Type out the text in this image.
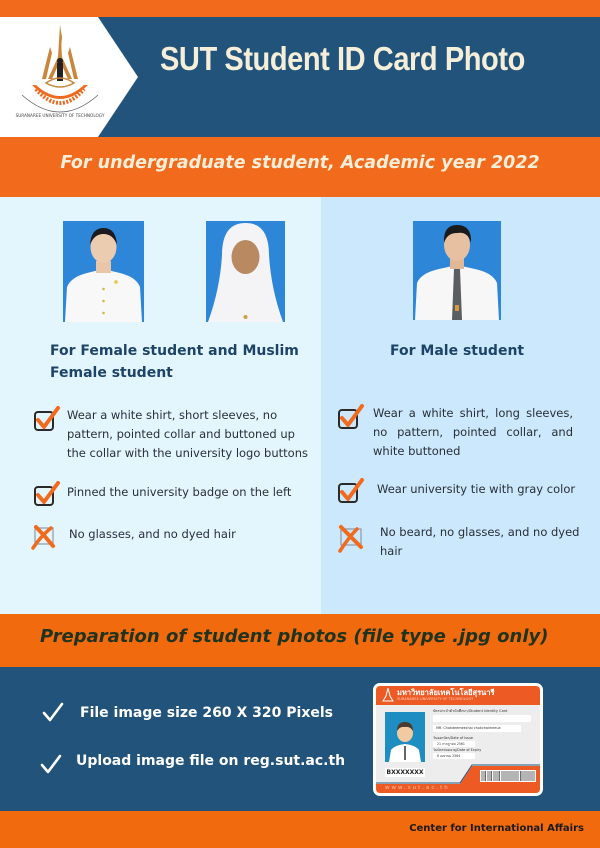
SURANAREE UNIVERSITY OF TECHNOLOGY
SUT Student ID Card Photo
For undergraduate student, Academic year 2022
For Female student and Muslim Female student
Wear a white shirt, short sleeves, no pattern, pointed collar and buttoned up the collar with the university logo buttons
Pinned the university badge on the left
No glasses, and no dyed hair
For Male student
Wear a white shirt, long sleeves, no pattern, pointed collar, and white buttoned
Wear university tie with gray color
No beard, no glasses, and no dyed hair
Preparation of student photos (file type .jpg only)
File image size 260 X 320 Pixels
Upload image file on reg.sut.ac.th
มหาวิทยาลัยเทคโนโลยีสุรนารี
SURANAREE UNIVERSITY OF TECHNOLOGY
BXXXXXXX
บัตรประจำตัวนักศึกษา/Student Identity Card
MR. Chokdeemeechai chokchaimeeua
วันออกบัตร/Date of Issue
21 กรกฎาคม 2561
วันบัตรหมดอายุ/Date of Expiry
6 เมษายน 2564
www.sut.ac.th
Center for International Affairs
